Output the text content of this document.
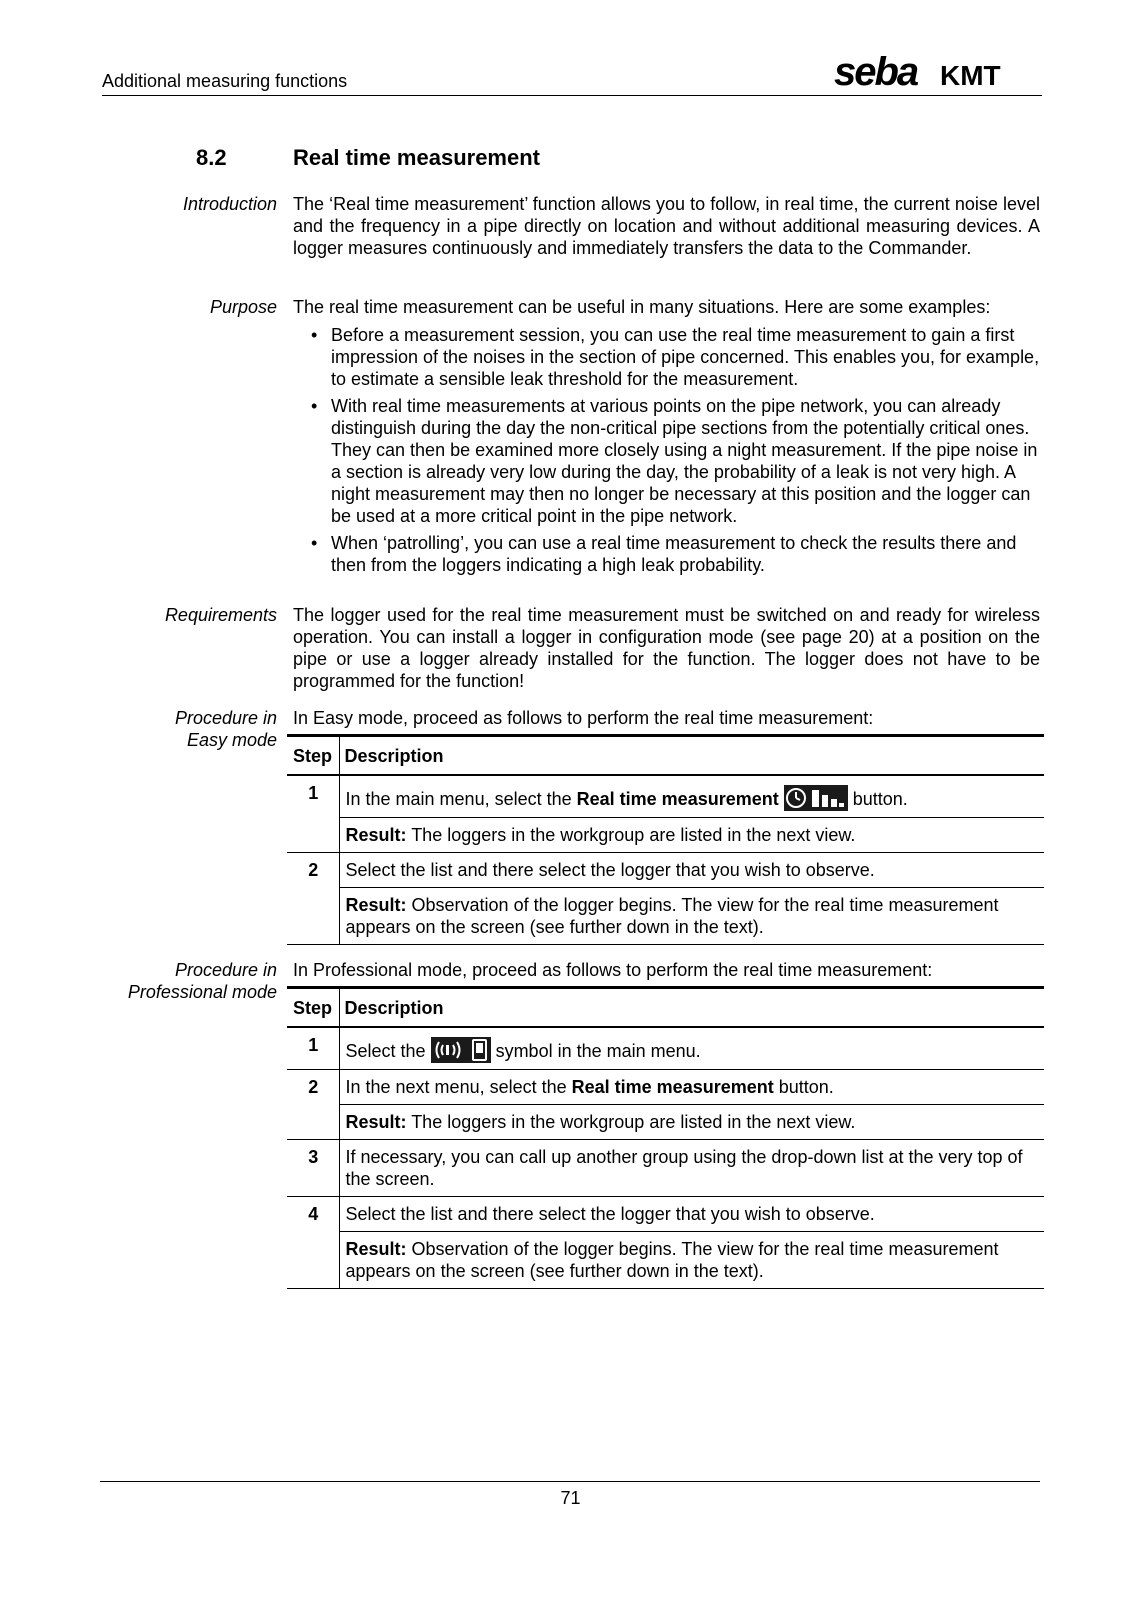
Additional measuring functions	seba KMT
8.2	Real time measurement
Introduction The ‘Real time measurement’ function allows you to follow, in real time, the current noise level and the frequency in a pipe directly on location and without additional measuring devices. A logger measures continuously and immediately transfers the data to the Commander.
Purpose The real time measurement can be useful in many situations. Here are some examples:
• Before a measurement session, you can use the real time measurement to gain a first impression of the noises in the section of pipe concerned. This enables you, for example, to estimate a sensible leak threshold for the measurement.
• With real time measurements at various points on the pipe network, you can already distinguish during the day the non-critical pipe sections from the potentially critical ones. They can then be examined more closely using a night measurement. If the pipe noise in a section is already very low during the day, the probability of a leak is not very high. A night measurement may then no longer be necessary at this position and the logger can be used at a more critical point in the pipe network.
• When ‘patrolling’, you can use a real time measurement to check the results there and then from the loggers indicating a high leak probability.
Requirements The logger used for the real time measurement must be switched on and ready for wireless operation. You can install a logger in configuration mode (see page 20) at a position on the pipe or use a logger already installed for the function. The logger does not have to be programmed for the function!
Procedure in
Easy mode
In Easy mode, proceed as follows to perform the real time measurement:
Step	Description
1	In the main menu, select the Real time measurement button.
	Result: The loggers in the workgroup are listed in the next view.
2	Select the list and there select the logger that you wish to observe.
	Result: Observation of the logger begins. The view for the real time measurement appears on the screen (see further down in the text).
Procedure in
Professional mode
In Professional mode, proceed as follows to perform the real time measurement:
Step	Description
1	Select the symbol in the main menu.
2	In the next menu, select the Real time measurement button.
	Result: The loggers in the workgroup are listed in the next view.
3	If necessary, you can call up another group using the drop-down list at the very top of the screen.
4	Select the list and there select the logger that you wish to observe.
	Result: Observation of the logger begins. The view for the real time measurement appears on the screen (see further down in the text).
71
